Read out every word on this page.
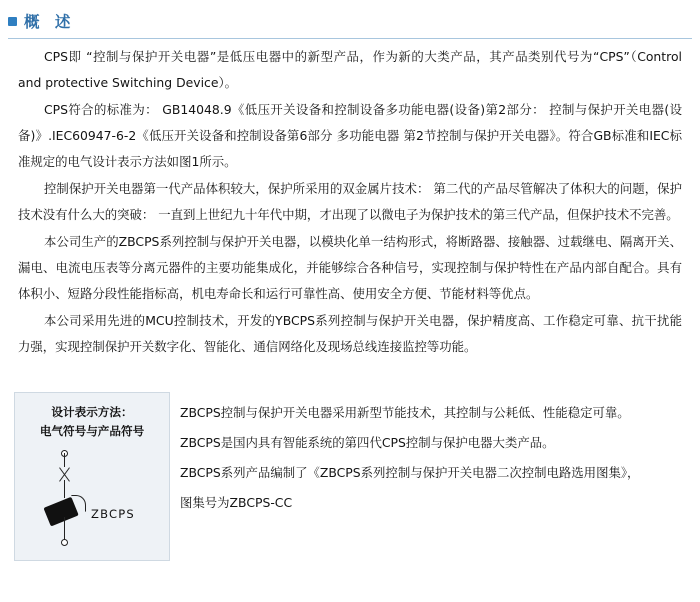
概 述

CPS即 “控制与保护开关电器”是低压电器中的新型产品，作为新的大类产品，其产品类别代号为“CPS”（Control and protective Switching Device）。

CPS符合的标准为： GB14048.9《低压开关设备和控制设备多功能电器(设备)第2部分： 控制与保护开关电器(设备)》.IEC60947-6-2《低压开关设备和控制设备第6部分 多功能电器 第2节控制与保护开关电器》。符合GB标准和IEC标准规定的电气设计表示方法如图1所示。

控制保护开关电器第一代产品体积较大，保护所采用的双金属片技术： 第二代的产品尽管解决了体积大的问题，保护技术没有什么大的突破： 一直到上世纪九十年代中期，才出现了以微电子为保护技术的第三代产品，但保护技术不完善。

本公司生产的ZBCPS系列控制与保护开关电器，以模块化单一结构形式，将断路器、接触器、过载继电、隔离开关、漏电、电流电压表等分离元器件的主要功能集成化，并能够综合各种信号，实现控制与保护特性在产品内部自配合。具有体积小、短路分段性能指标高，机电寿命长和运行可靠性高、使用安全方便、节能材料等优点。

本公司采用先进的MCU控制技术，开发的YBCPS系列控制与保护开关电器，保护精度高、工作稳定可靠、抗干扰能力强，实现控制保护开关数字化、智能化、通信网络化及现场总线连接监控等功能。

设计表示方法：
电气符号与产品符号
ZBCPS

ZBCPS控制与保护开关电器采用新型节能技术，其控制与公耗低、性能稳定可靠。

ZBCPS是国内具有智能系统的第四代CPS控制与保护电器大类产品。

ZBCPS系列产品编制了《ZBCPS系列控制与保护开关电器二次控制电路选用图集》，

图集号为ZBCPS-CC
